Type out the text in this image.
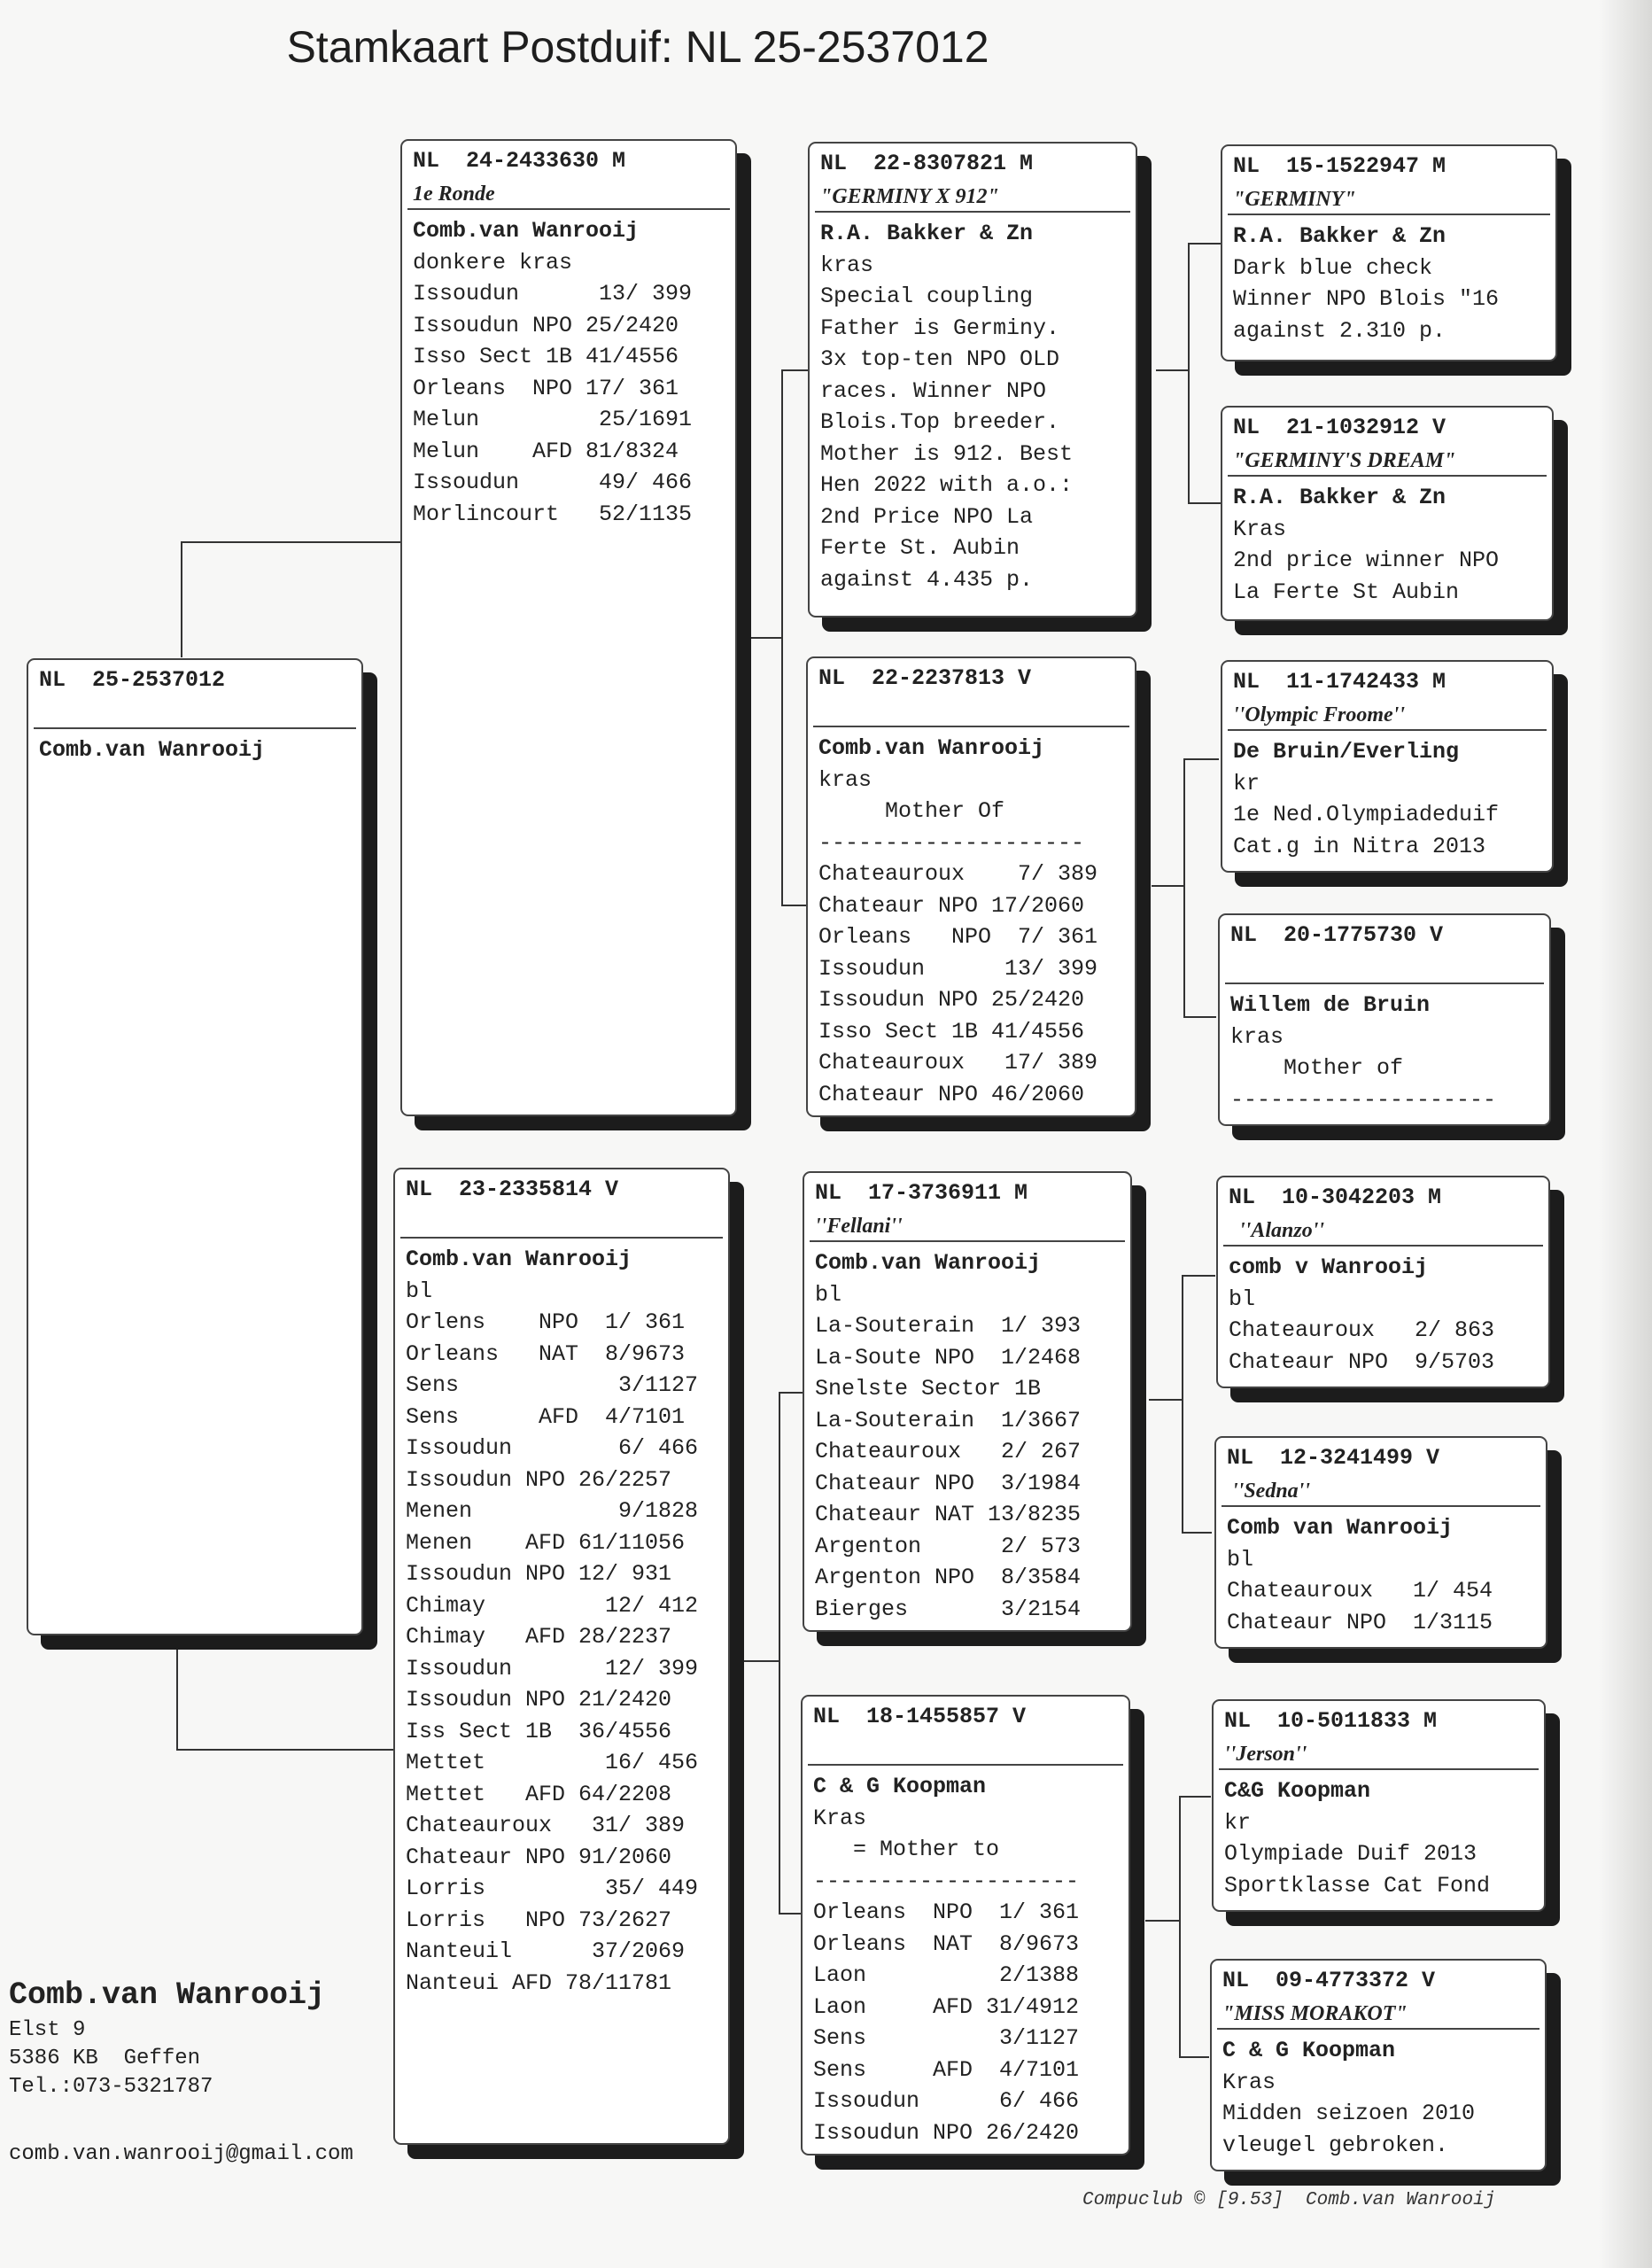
Stamkaart Postduif: NL 25-2537012
NL  25-2537012
Comb.van Wanrooij
NL  24-2433630 M
1e Ronde
Comb.van Wanrooij
donkere kras
Issoudun      13/ 399
Issoudun NPO 25/2420
Isso Sect 1B 41/4556
Orleans  NPO 17/ 361
Melun         25/1691
Melun    AFD 81/8324
Issoudun      49/ 466
Morlincourt   52/1135
NL  23-2335814 V
Comb.van Wanrooij
bl
Orlens    NPO  1/ 361
Orleans   NAT  8/9673
Sens            3/1127
Sens      AFD  4/7101
Issoudun        6/ 466
Issoudun NPO 26/2257
Menen           9/1828
Menen    AFD 61/11056
Issoudun NPO 12/ 931
Chimay         12/ 412
Chimay   AFD 28/2237
Issoudun       12/ 399
Issoudun NPO 21/2420
Iss Sect 1B  36/4556
Mettet         16/ 456
Mettet   AFD 64/2208
Chateauroux   31/ 389
Chateaur NPO 91/2060
Lorris         35/ 449
Lorris   NPO 73/2627
Nanteuil      37/2069
Nanteui AFD 78/11781
NL  22-8307821 M
"GERMINY X 912"
R.A. Bakker & Zn
kras
Special coupling
Father is Germiny.
3x top-ten NPO OLD
races. Winner NPO
Blois.Top breeder.
Mother is 912. Best
Hen 2022 with a.o.:
2nd Price NPO La
Ferte St. Aubin
against 4.435 p.
NL  22-2237813 V
Comb.van Wanrooij
kras
Mother Of
--------------------
Chateauroux    7/ 389
Chateaur NPO 17/2060
Orleans   NPO  7/ 361
Issoudun      13/ 399
Issoudun NPO 25/2420
Isso Sect 1B 41/4556
Chateauroux   17/ 389
Chateaur NPO 46/2060
NL  17-3736911 M
''Fellani''
Comb.van Wanrooij
bl
La-Souterain  1/ 393
La-Soute NPO  1/2468
Snelste Sector 1B
La-Souterain  1/3667
Chateauroux   2/ 267
Chateaur NPO  3/1984
Chateaur NAT 13/8235
Argenton      2/ 573
Argenton NPO  8/3584
Bierges       3/2154
NL  18-1455857 V
C & G Koopman
Kras
= Mother to
--------------------
Orleans  NPO  1/ 361
Orleans  NAT  8/9673
Laon          2/1388
Laon     AFD 31/4912
Sens          3/1127
Sens     AFD  4/7101
Issoudun      6/ 466
Issoudun NPO 26/2420
NL  15-1522947 M
"GERMINY"
R.A. Bakker & Zn
Dark blue check
Winner NPO Blois "16
against 2.310 p.
NL  21-1032912 V
"GERMINY'S DREAM"
R.A. Bakker & Zn
Kras
2nd price winner NPO
La Ferte St Aubin
NL  11-1742433 M
''Olympic Froome''
De Bruin/Everling
kr
1e Ned.Olympiadeduif
Cat.g in Nitra 2013
NL  20-1775730 V
Willem de Bruin
kras
Mother of
--------------------
NL  10-3042203 M
''Alanzo''
comb v Wanrooij
bl
Chateauroux   2/ 863
Chateaur NPO  9/5703
NL  12-3241499 V
''Sedna''
Comb van Wanrooij
bl
Chateauroux   1/ 454
Chateaur NPO  1/3115
NL  10-5011833 M
''Jerson''
C&G Koopman
kr
Olympiade Duif 2013
Sportklasse Cat Fond
NL  09-4773372 V
"MISS MORAKOT"
C & G Koopman
Kras
Midden seizoen 2010
vleugel gebroken.
Comb.van Wanrooij
Elst 9
5386 KB  Geffen
Tel.:073-5321787
comb.van.wanrooij@gmail.com
Compuclub © [9.53]  Comb.van Wanrooij
